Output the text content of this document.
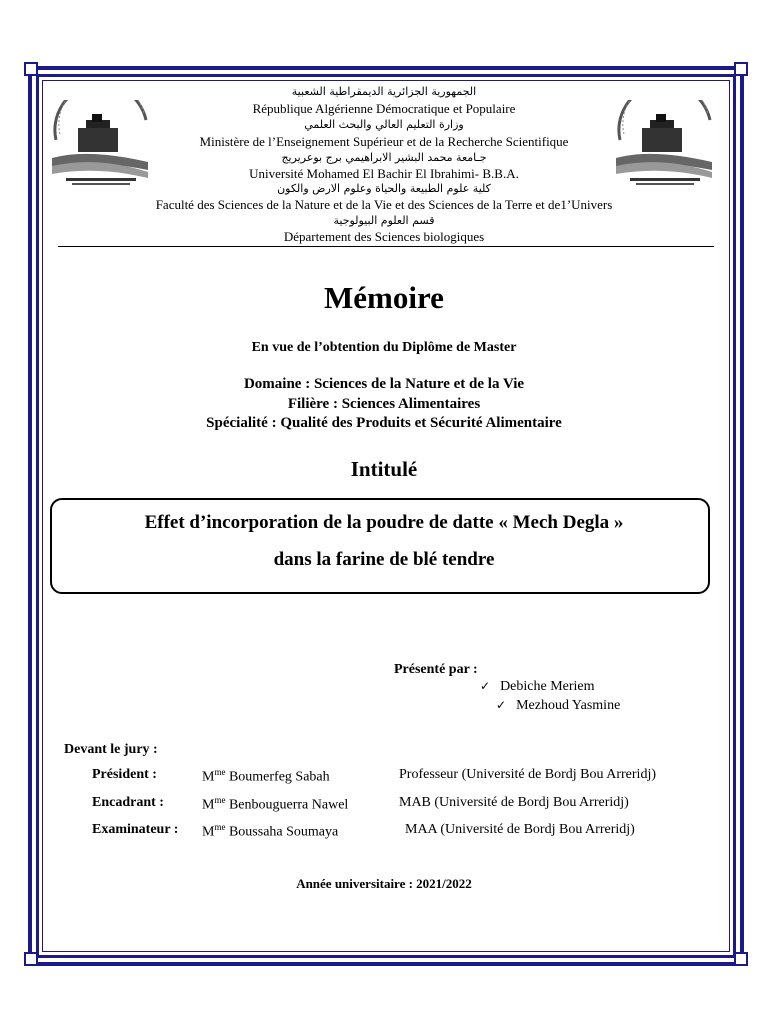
الجمهورية الجزائرية الديمقراطية الشعبية
République Algérienne Démocratique et Populaire
وزارة التعليم العالي والبحث العلمي
Ministère de l’Enseignement Supérieur et de la Recherche Scientifique
جـامعة محمد البشير الابراهيمي برج بوعريريج
Université Mohamed El Bachir El Ibrahimi- B.B.A.
كلية علوم الطبيعة والحياة وعلوم الارض والكون
Faculté des Sciences de la Nature et de la Vie et des Sciences de la Terre et de1’Univers
قسم العلوم البيولوجية
Département des Sciences biologiques
Mémoire
En vue de l’obtention du Diplôme de Master
Domaine : Sciences de la Nature et de la Vie
Filière : Sciences Alimentaires
Spécialité : Qualité des Produits et Sécurité Alimentaire
Intitulé
Effet d’incorporation de la poudre de datte « Mech Degla »
dans la farine de blé tendre
Présenté par :
✓ Debiche Meriem
✓ Mezhoud Yasmine
Devant le jury :
Président :	$M^{me}$ Boumerfeg Sabah	Professeur (Université de Bordj Bou Arreridj)
Encadrant :	$M^{me}$ Benbouguerra Nawel	MAB (Université de Bordj Bou Arreridj)
Examinateur : $M^{me}$ Boussaha Soumaya	MAA (Université de Bordj Bou Arreridj)
Année universitaire : 2021/2022
